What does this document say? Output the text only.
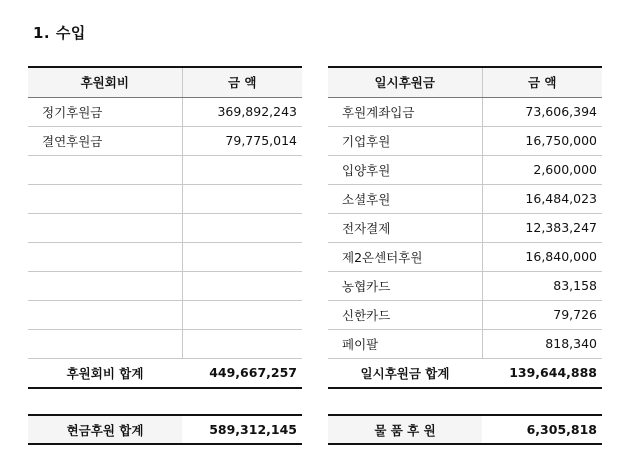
1. 수입
후원회비	금 액
정기후원금	369,892,243
결연후원금	79,775,014

후원회비 합계	449,667,257
일시후원금	금 액
후원계좌입금	73,606,394
기업후원	16,750,000
입양후원	2,600,000
소셜후원	16,484,023
전자결제	12,383,247
제2온센터후원	16,840,000
농협카드	83,158
신한카드	79,726
페이팔	818,340
일시후원금 합계	139,644,888
현금후원 합계	589,312,145	물 품 후 원	6,305,818
